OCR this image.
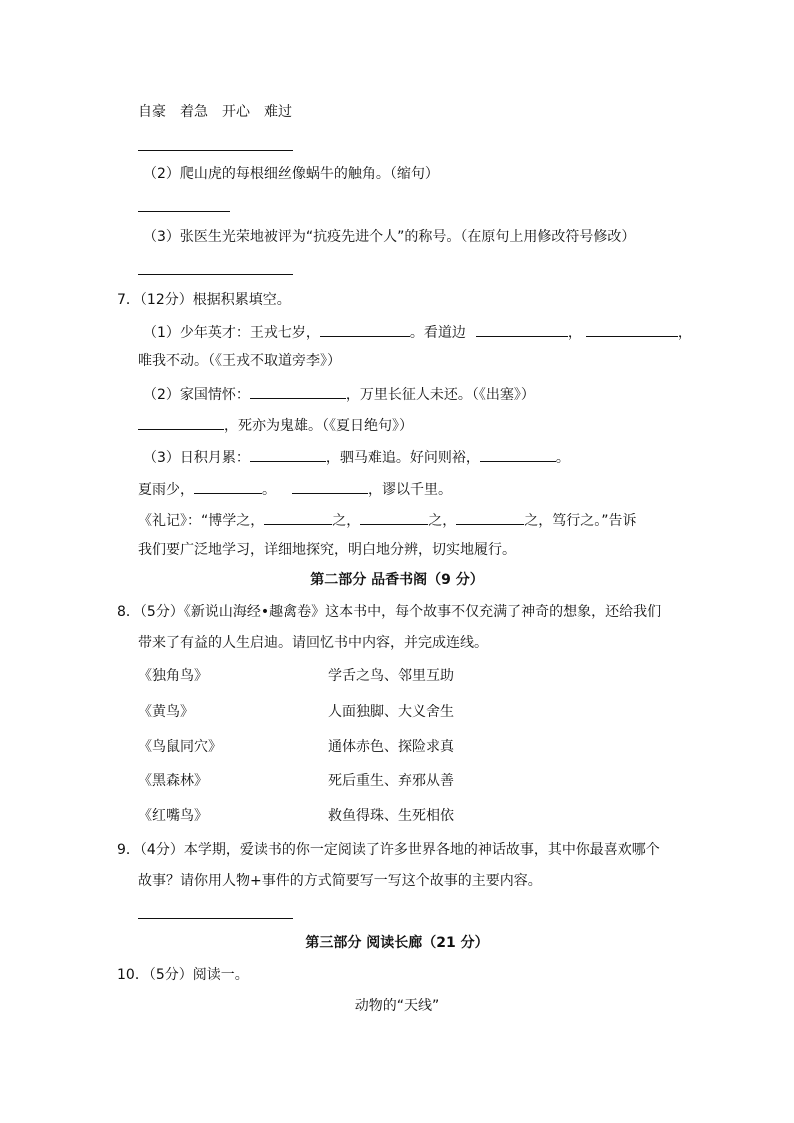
自豪　着急　开心　难过
（2）爬山虎的每根细丝像蜗牛的触角。（缩句）
（3）张医生光荣地被评为“抗疫先进个人”的称号。（在原句上用修改符号修改）
7．（12分）根据积累填空。
（1）少年英才：王戎七岁，	。看道边	，	，
唯我不动。（《王戎不取道旁李》）
（2）家国情怀：	，万里长征人未还。（《出塞》）
，死亦为鬼雄。（《夏日绝句》）
（3）日积月累：	，驷马难追。好问则裕，	。
夏雨少，	。	，谬以千里。
《礼记》：“博学之，	之，	之，	之，笃行之。”告诉
我们要广泛地学习，详细地探究，明白地分辨，切实地履行。
第二部分 品香书阁（9 分）
8．（5分）《新说山海经•趣禽卷》这本书中，每个故事不仅充满了神奇的想象，还给我们
带来了有益的人生启迪。请回忆书中内容，并完成连线。
《独角鸟》	学舌之鸟、邻里互助
《黄鸟》	人面独脚、大义舍生
《鸟鼠同穴》	通体赤色、探险求真
《黑森林》	死后重生、弃邪从善
《红嘴鸟》	救鱼得珠、生死相依
9．（4分）本学期，爱读书的你一定阅读了许多世界各地的神话故事，其中你最喜欢哪个
故事？请你用人物+事件的方式简要写一写这个故事的主要内容。
第三部分 阅读长廊（21 分）
10．（5分）阅读一。
动物的“天线”
